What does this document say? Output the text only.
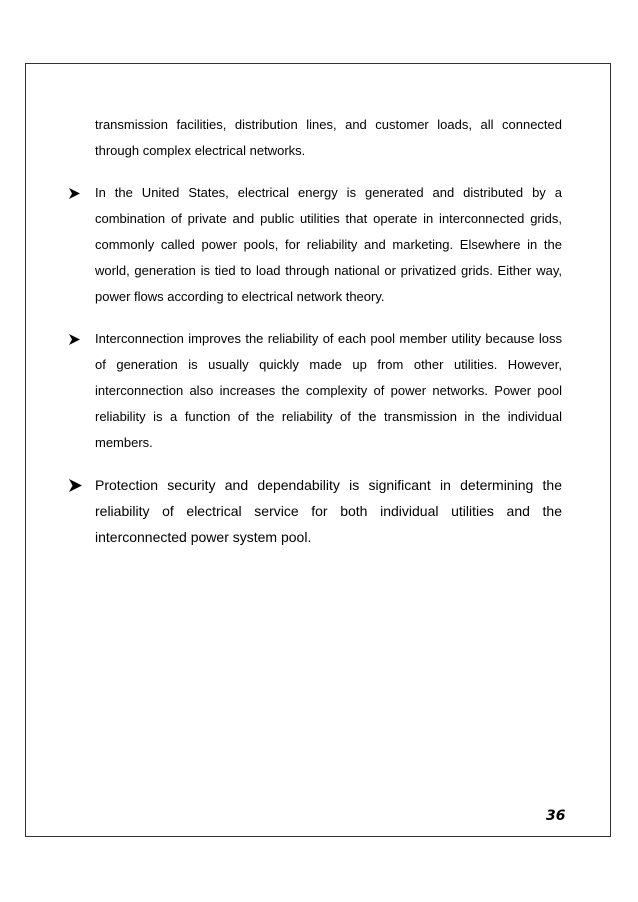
transmission facilities, distribution lines, and customer loads, all connected through complex electrical networks.

In the United States, electrical energy is generated and distributed by a combination of private and public utilities that operate in interconnected grids, commonly called power pools, for reliability and marketing. Elsewhere in the world, generation is tied to load through national or privatized grids. Either way, power flows according to electrical network theory.

Interconnection improves the reliability of each pool member utility because loss of generation is usually quickly made up from other utilities. However, interconnection also increases the complexity of power networks. Power pool reliability is a function of the reliability of the transmission in the individual members.

Protection security and dependability is significant in determining the reliability of electrical service for both individual utilities and the interconnected power system pool.

36
